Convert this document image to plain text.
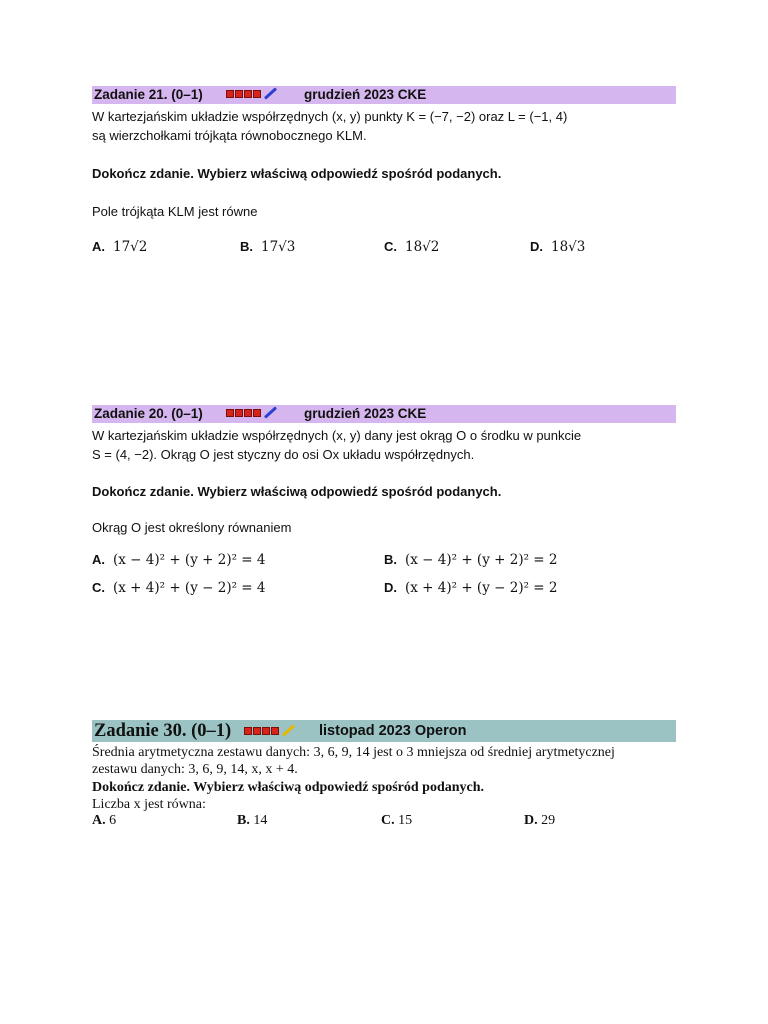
Zadanie 21. (0–1)	grudzień 2023 CKE
W kartezjańskim układzie współrzędnych (x, y) punkty K = (−7, −2) oraz L = (−1, 4)
są wierzchołkami trójkąta równobocznego KLM.
Dokończ zdanie. Wybierz właściwą odpowiedź spośród podanych.
Pole trójkąta KLM jest równe
A. 17√2	B. 17√3	C. 18√2	D. 18√3
Zadanie 20. (0–1)	grudzień 2023 CKE
W kartezjańskim układzie współrzędnych (x, y) dany jest okrąg O o środku w punkcie
S = (4, −2). Okrąg O jest styczny do osi Ox układu współrzędnych.
Dokończ zdanie. Wybierz właściwą odpowiedź spośród podanych.
Okrąg O jest określony równaniem
A. (x − 4)² + (y + 2)² = 4	B. (x − 4)² + (y + 2)² = 2
C. (x + 4)² + (y − 2)² = 4	D. (x + 4)² + (y − 2)² = 2
Zadanie 30. (0–1)	listopad 2023 Operon
Średnia arytmetyczna zestawu danych: 3, 6, 9, 14 jest o 3 mniejsza od średniej arytmetycznej
zestawu danych: 3, 6, 9, 14, x, x + 4.
Dokończ zdanie. Wybierz właściwą odpowiedź spośród podanych.
Liczba x jest równa:
A. 6	B. 14	C. 15	D. 29
